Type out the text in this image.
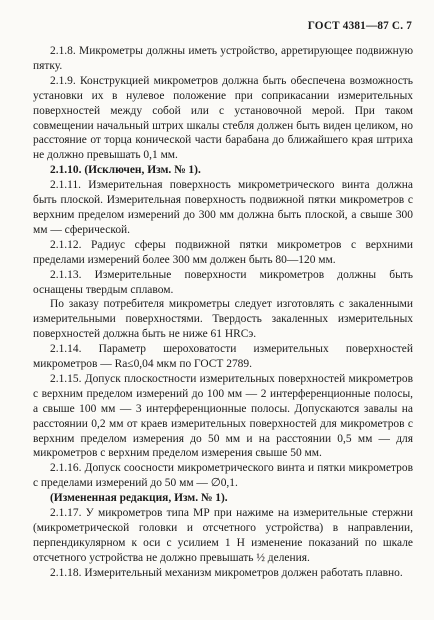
ГОСТ 4381—87 С. 7

2.1.8. Микрометры должны иметь устройство, арретирующее подвижную пятку.

2.1.9. Конструкцией микрометров должна быть обеспечена возможность установки их в нулевое положение при соприкасании измерительных поверхностей между собой или с установочной мерой. При таком совмещении начальный штрих шкалы стебля должен быть виден целиком, но расстояние от торца конической части барабана до ближайшего края штриха не должно превышать 0,1 мм.

2.1.10. (Исключен, Изм. № 1).

2.1.11. Измерительная поверхность микрометрического винта должна быть плоской. Измерительная поверхность подвижной пятки микрометров с верхним пределом измерений до 300 мм должна быть плоской, а свыше 300 мм — сферической.

2.1.12. Радиус сферы подвижной пятки микрометров с верхними пределами измерений более 300 мм должен быть 80—120 мм.

2.1.13. Измерительные поверхности микрометров должны быть оснащены твердым сплавом.

По заказу потребителя микрометры следует изготовлять с закаленными измерительными поверхностями. Твердость закаленных измерительных поверхностей должна быть не ниже 61 HRCэ.

2.1.14. Параметр шероховатости измерительных поверхностей микрометров — Ra≤0,04 мкм по ГОСТ 2789.

2.1.15. Допуск плоскостности измерительных поверхностей микрометров с верхним пределом измерений до 100 мм — 2 интерференционные полосы, а свыше 100 мм — 3 интерференционные полосы. Допускаются завалы на расстоянии 0,2 мм от краев измерительных поверхностей для микрометров с верхним пределом измерения до 50 мм и на расстоянии 0,5 мм — для микрометров с верхним пределом измерения свыше 50 мм.

2.1.16. Допуск соосности микрометрического винта и пятки микрометров с пределами измерений до 50 мм — ∅0,1.

(Измененная редакция, Изм. № 1).

2.1.17. У микрометров типа МР при нажиме на измерительные стержни (микрометрической головки и отсчетного устройства) в направлении, перпендикулярном к оси с усилием 1 Н изменение показаний по шкале отсчетного устройства не должно превышать ½ деления.

2.1.18. Измерительный механизм микрометров должен работать плавно.
